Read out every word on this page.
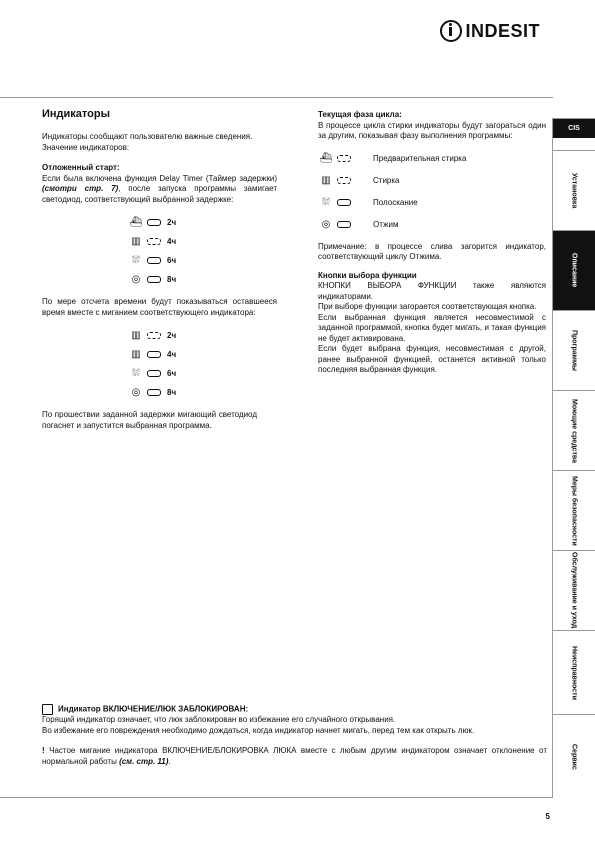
INDESIT
CIS
Установка
Описание
Программы
Моющие средства
Меры безопасности
Обслуживание и уход
Неисправности
Сервис
Индикаторы

Индикаторы сообщают пользователю важные сведения.

Значение индикаторов:

Отложенный старт:

Если была включена функция Delay Timer (Таймер задержки) (смотри стр. 7), после запуска программы замигает светодиод, соответствующий выбранной задержке:

⛴	2ч
▥	4ч
⛆	6ч
◎	8ч

По мере отсчета времени будут показываться оставшееся время вместе с миганием соответствующего индикатора:

▥	2ч
▥	4ч
⛆	6ч
◎	8ч

По прошествии заданной задержки мигающий светодиод погаснет и запустится выбранная программа.

Текущая фаза цикла:

В процессе цикла стирки индикаторы будут загораться один за другим, показывая фазу выполнения программы:

⛴	Предварительная стирка
▥	Стирка
⛆	Полоскание
◎	Отжим

Примечание: в процессе слива загорится индикатор, соответствующий циклу Отжима.

Кнопки выбора функции

КНОПКИ ВЫБОРА ФУНКЦИИ также являются индикаторами.

При выборе функции загорается соответствующая кнопка.

Если выбранная функция является несовместимой с заданной программой, кнопка будет мигать, и такая функция не будет активирована.

Если будет выбрана функция, несовместимая с другой, ранее выбранной функцией, останется активной только последняя выбранная функция.

Индикатор ВКЛЮЧЕНИЕ/ЛЮК ЗАБЛОКИРОВАН:

Горящий индикатор означает, что люк заблокирован во избежание его случайного открывания.

Во избежание его повреждения необходимо дождаться, когда индикатор начнет мигать, перед тем как открыть люк.

! Частое мигание индикатора ВКЛЮЧЕНИЕ/БЛОКИРОВКА ЛЮКА вместе с любым другим индикатором означает отклонение от нормальной работы (см. стр. 11).

5
